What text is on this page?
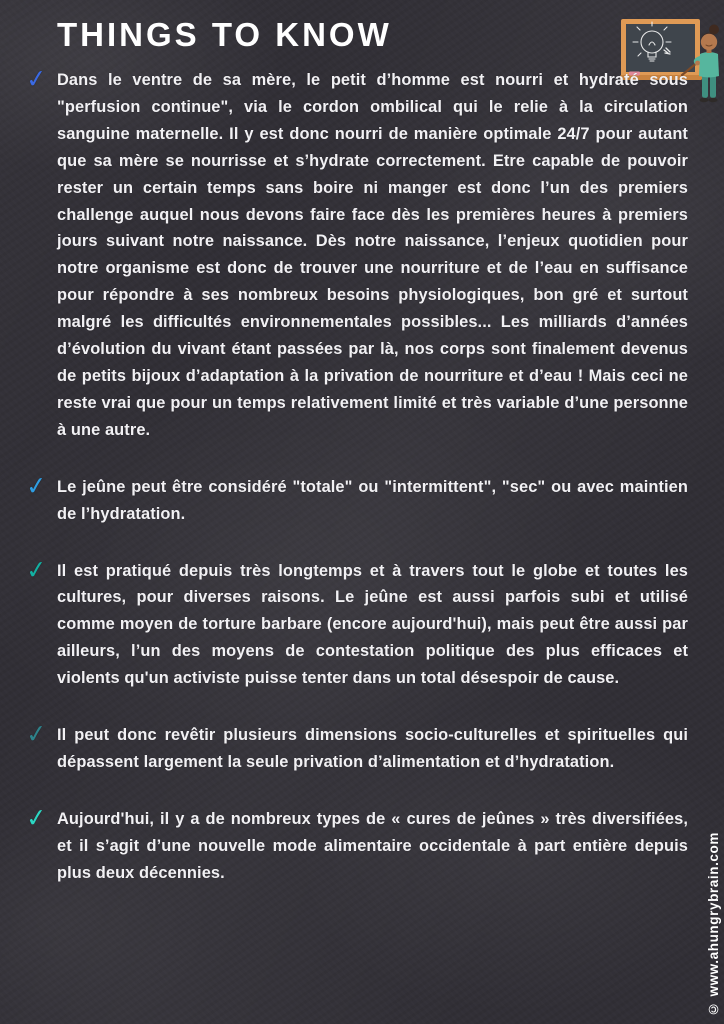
THINGS TO KNOW
✓ Dans le ventre de sa mère, le petit d’homme est nourri et hydraté sous "perfusion continue", via le cordon ombilical qui le relie à la circulation sanguine maternelle. Il y est donc nourri de manière optimale 24/7 pour autant que sa mère se nourrisse et s’hydrate correctement. Etre capable de pouvoir rester un certain temps sans boire ni manger est donc l’un des premiers challenge auquel nous devons faire face dès les premières heures à premiers jours suivant notre naissance. Dès notre naissance, l’enjeux quotidien pour notre organisme est donc de trouver une nourriture et de l’eau en suffisance pour répondre à ses nombreux besoins physiologiques, bon gré et surtout malgré les difficultés environnementales possibles... Les milliards d’années d’évolution du vivant étant passées par là, nos corps sont finalement devenus de petits bijoux d’adaptation à la privation de nourriture et d’eau ! Mais ceci ne reste vrai que pour un temps relativement limité et très variable d’une personne à une autre.
✓ Le jeûne peut être considéré "totale" ou "intermittent", "sec" ou avec maintien de l’hydratation.
✓ Il est pratiqué depuis très longtemps et à travers tout le globe et toutes les cultures, pour diverses raisons. Le jeûne est aussi parfois subi et utilisé comme moyen de torture barbare (encore aujourd'hui), mais peut être aussi par ailleurs, l’un des moyens de contestation politique des plus efficaces et violents qu'un activiste puisse tenter dans un total désespoir de cause.
✓ Il peut donc revêtir plusieurs dimensions socio-culturelles et spirituelles qui dépassent largement la seule privation d’alimentation et d’hydratation.
✓ Aujourd'hui, il y a de nombreux types de « cures de jeûnes » très diversifiées, et il s’agit d’une nouvelle mode alimentaire occidentale à part entière depuis plus deux décennies.	© www.ahungrybrain.com
